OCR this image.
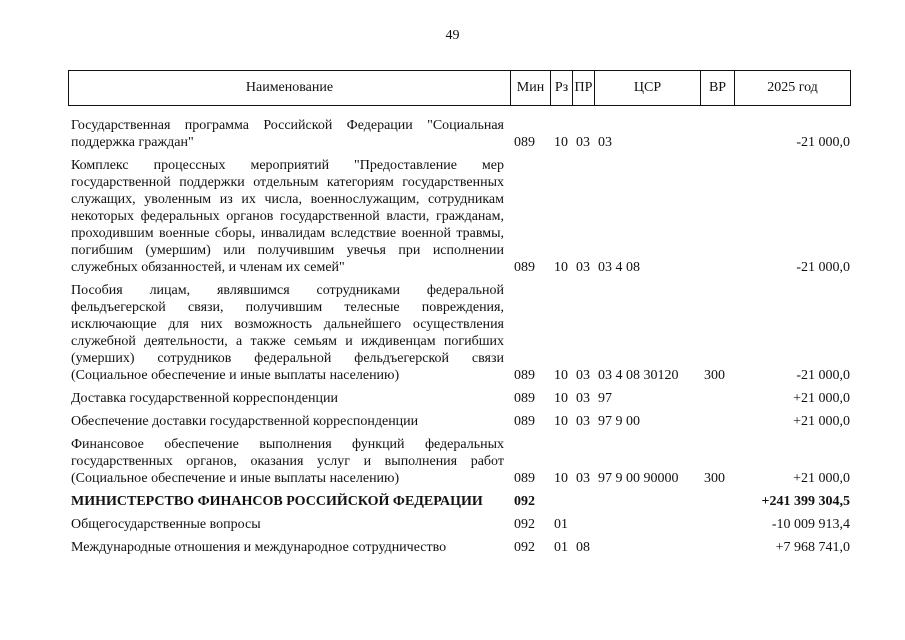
49
Наименование	Мин	Рз	ПР	ЦСР	ВР	2025 год
Государственная программа Российской Федерации "Социальная поддержка граждан"	089	10	03	03		-21 000,0
Комплекс процессных мероприятий "Предоставление мер государственной поддержки отдельным категориям государственных служащих, уволенным из их числа, военнослужащим, сотрудникам некоторых федеральных органов государственной власти, гражданам, проходившим военные сборы, инвалидам вследствие военной травмы, погибшим (умершим) или получившим увечья при исполнении служебных обязанностей, и членам их семей"	089	10	03	03 4 08		-21 000,0
Пособия лицам, являвшимся сотрудниками федеральной фельдъегерской связи, получившим телесные повреждения, исключающие для них возможность дальнейшего осуществления служебной деятельности, а также семьям и иждивенцам погибших (умерших) сотрудников федеральной фельдъегерской связи (Социальное обеспечение и иные выплаты населению)	089	10	03	03 4 08 30120	300	-21 000,0
Доставка государственной корреспонденции	089	10	03	97		+21 000,0
Обеспечение доставки государственной корреспонденции	089	10	03	97 9 00		+21 000,0
Финансовое обеспечение выполнения функций федеральных государственных органов, оказания услуг и выполнения работ (Социальное обеспечение и иные выплаты населению)	089	10	03	97 9 00 90000	300	+21 000,0
МИНИСТЕРСТВО ФИНАНСОВ РОССИЙСКОЙ ФЕДЕРАЦИИ	092					+241 399 304,5
Общегосударственные вопросы	092	01				-10 009 913,4
Международные отношения и международное сотрудничество	092	01	08			+7 968 741,0
